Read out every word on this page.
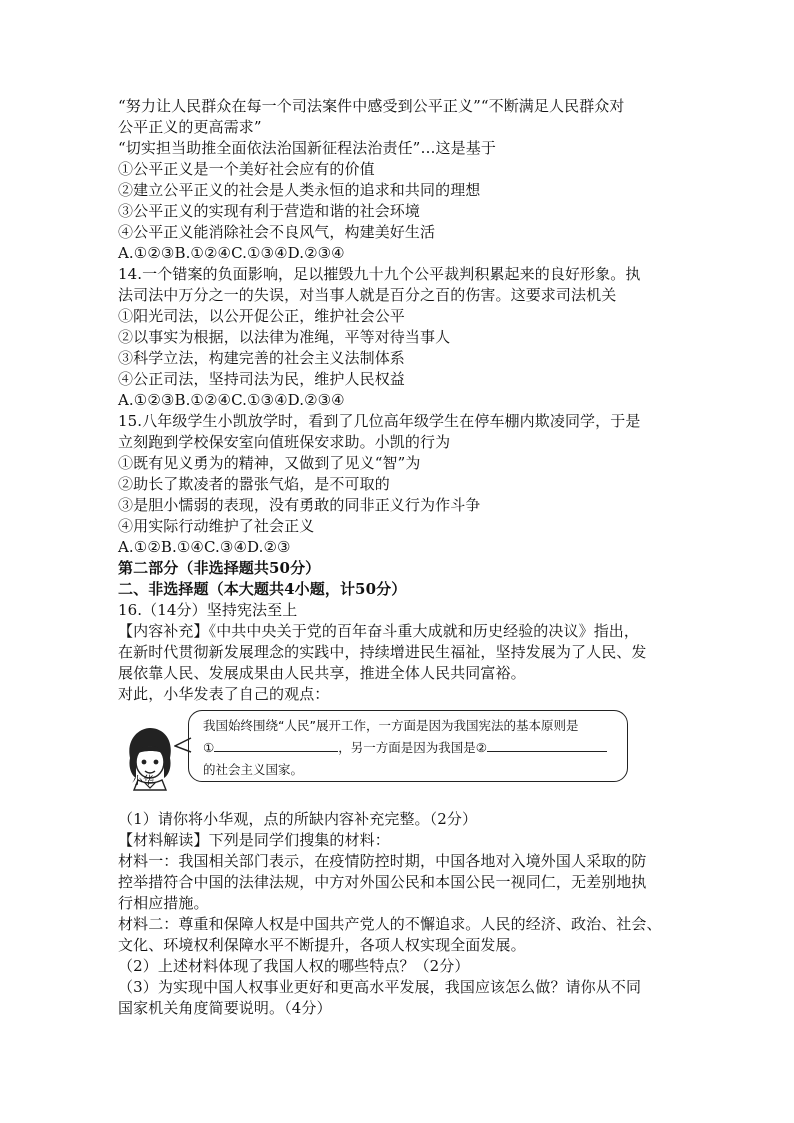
“努力让人民群众在每一个司法案件中感受到公平正义”“不断满足人民群众对
公平正义的更高需求”
“切实担当助推全面依法治国新征程法治责任”…这是基于
①公平正义是一个美好社会应有的价值
②建立公平正义的社会是人类永恒的追求和共同的理想
③公平正义的实现有利于营造和谐的社会环境
④公平正义能消除社会不良风气，构建美好生活
A.①②③B.①②④C.①③④D.②③④
14.一个错案的负面影响，足以摧毁九十九个公平裁判积累起来的良好形象。执
法司法中万分之一的失误，对当事人就是百分之百的伤害。这要求司法机关
①阳光司法，以公开促公正，维护社会公平
②以事实为根据，以法律为准绳，平等对待当事人
③科学立法，构建完善的社会主义法制体系
④公正司法，坚持司法为民，维护人民权益
A.①②③B.①②④C.①③④D.②③④
15.八年级学生小凯放学时，看到了几位高年级学生在停车棚内欺凌同学，于是
立刻跑到学校保安室向值班保安求助。小凯的行为
①既有见义勇为的精神，又做到了见义“智”为
②助长了欺凌者的嚣张气焰，是不可取的
③是胆小懦弱的表现，没有勇敢的同非正义行为作斗争
④用实际行动维护了社会正义
A.①②B.①④C.③④D.②③
第二部分（非选择题共50分）
二、非选择题（本大题共4小题，计50分）
16.（14分）坚持宪法至上
【内容补充】《中共中央关于党的百年奋斗重大成就和历史经验的决议》指出，
在新时代贯彻新发展理念的实践中，持续增进民生福祉，坚持发展为了人民、发
展依靠人民、发展成果由人民共享，推进全体人民共同富裕。
对此，小华发表了自己的观点：
（1）请你将小华观，点的所缺内容补充完整。（2分）
【材料解读】下列是同学们搜集的材料：
材料一：我国相关部门表示，在疫情防控时期，中国各地对入境外国人采取的防
控举措符合中国的法律法规，中方对外国公民和本国公民一视同仁，无差别地执
行相应措施。
材料二：尊重和保障人权是中国共产党人的不懈追求。人民的经济、政治、社会、
文化、环境权利保障水平不断提升，各项人权实现全面发展。
（2）上述材料体现了我国人权的哪些特点？（2分）
（3）为实现中国人权事业更好和更高水平发展，我国应该怎么做？请你从不同
国家机关角度简要说明。（4分）
小华
我国始终围绕“人民”展开工作，一方面是因为我国宪法的基本原则是
①	，另一方面是因为我国是②
的社会主义国家。
